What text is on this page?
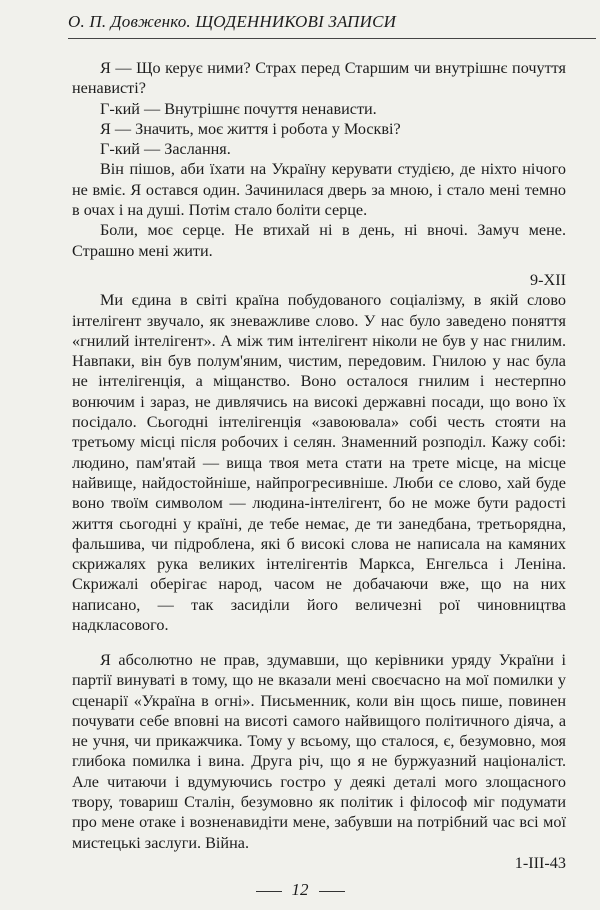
О. П. Довженко. ЩОДЕННИКОВІ ЗАПИСИ

Я — Що керує ними? Страх перед Старшим чи внутрішнє почуття ненависті?

Г-кий — Внутрішнє почуття ненависти.

Я — Значить, моє життя і робота у Москві?

Г-кий — Заслання.

Він пішов, аби їхати на Україну керувати студією, де ніхто нічого не вміє. Я остався один. Зачинилася дверь за мною, і стало мені темно в очах і на душі. Потім стало боліти серце.

Боли, моє серце. Не втихай ні в день, ні вночі. Замуч мене. Страшно мені жити.

9-XII

Ми єдина в світі країна побудованого соціалізму, в якій слово інтелігент звучало, як зневажливе слово. У нас було заведено поняття «гнилий інтелігент». А між тим інтелігент ніколи не був у нас гнилим. Навпаки, він був полум'яним, чистим, передовим. Гнилою у нас була не інтелігенція, а міщанство. Воно осталося гнилим і нестерпно вонючим і зараз, не дивлячись на високі державні посади, що воно їх посідало. Сьогодні інтелігенція «завоювала» собі честь стояти на третьому місці після робочих і селян. Знаменний розподіл. Кажу собі: людино, пам'ятай — вища твоя мета стати на трете місце, на місце найвище, найдостойніше, найпрогресивніше. Люби се слово, хай буде воно твоїм символом — людина-інтелігент, бо не може бути радості життя сьогодні у країні, де тебе немає, де ти занедбана, третьорядна, фальшива, чи підроблена, які б високі слова не написала на камяних скрижалях рука великих інтелігентів Маркса, Енгельса і Леніна. Скрижалі оберігає народ, часом не добачаючи вже, що на них написано, — так засиділи його величезні рої чиновництва надкласового.

Я абсолютно не прав, здумавши, що керівники уряду України і партії винуваті в тому, що не вказали мені своєчасно на мої помилки у сценарії «Україна в огні». Письменник, коли він щось пише, повинен почувати себе вповні на висоті самого найвищого політичного діяча, а не учня, чи прикажчика. Тому у всьому, що сталося, є, безумовно, моя глибока помилка і вина. Друга річ, що я не буржуазний націоналіст. Але читаючи і вдумуючись гостро у деякі деталі мого злощасного твору, товариш Сталін, безумовно як політик і філософ міг подумати про мене отаке і возненавидіти мене, забувши на потрібний час всі мої мистецькі заслуги. Війна.

1-III-43

12
